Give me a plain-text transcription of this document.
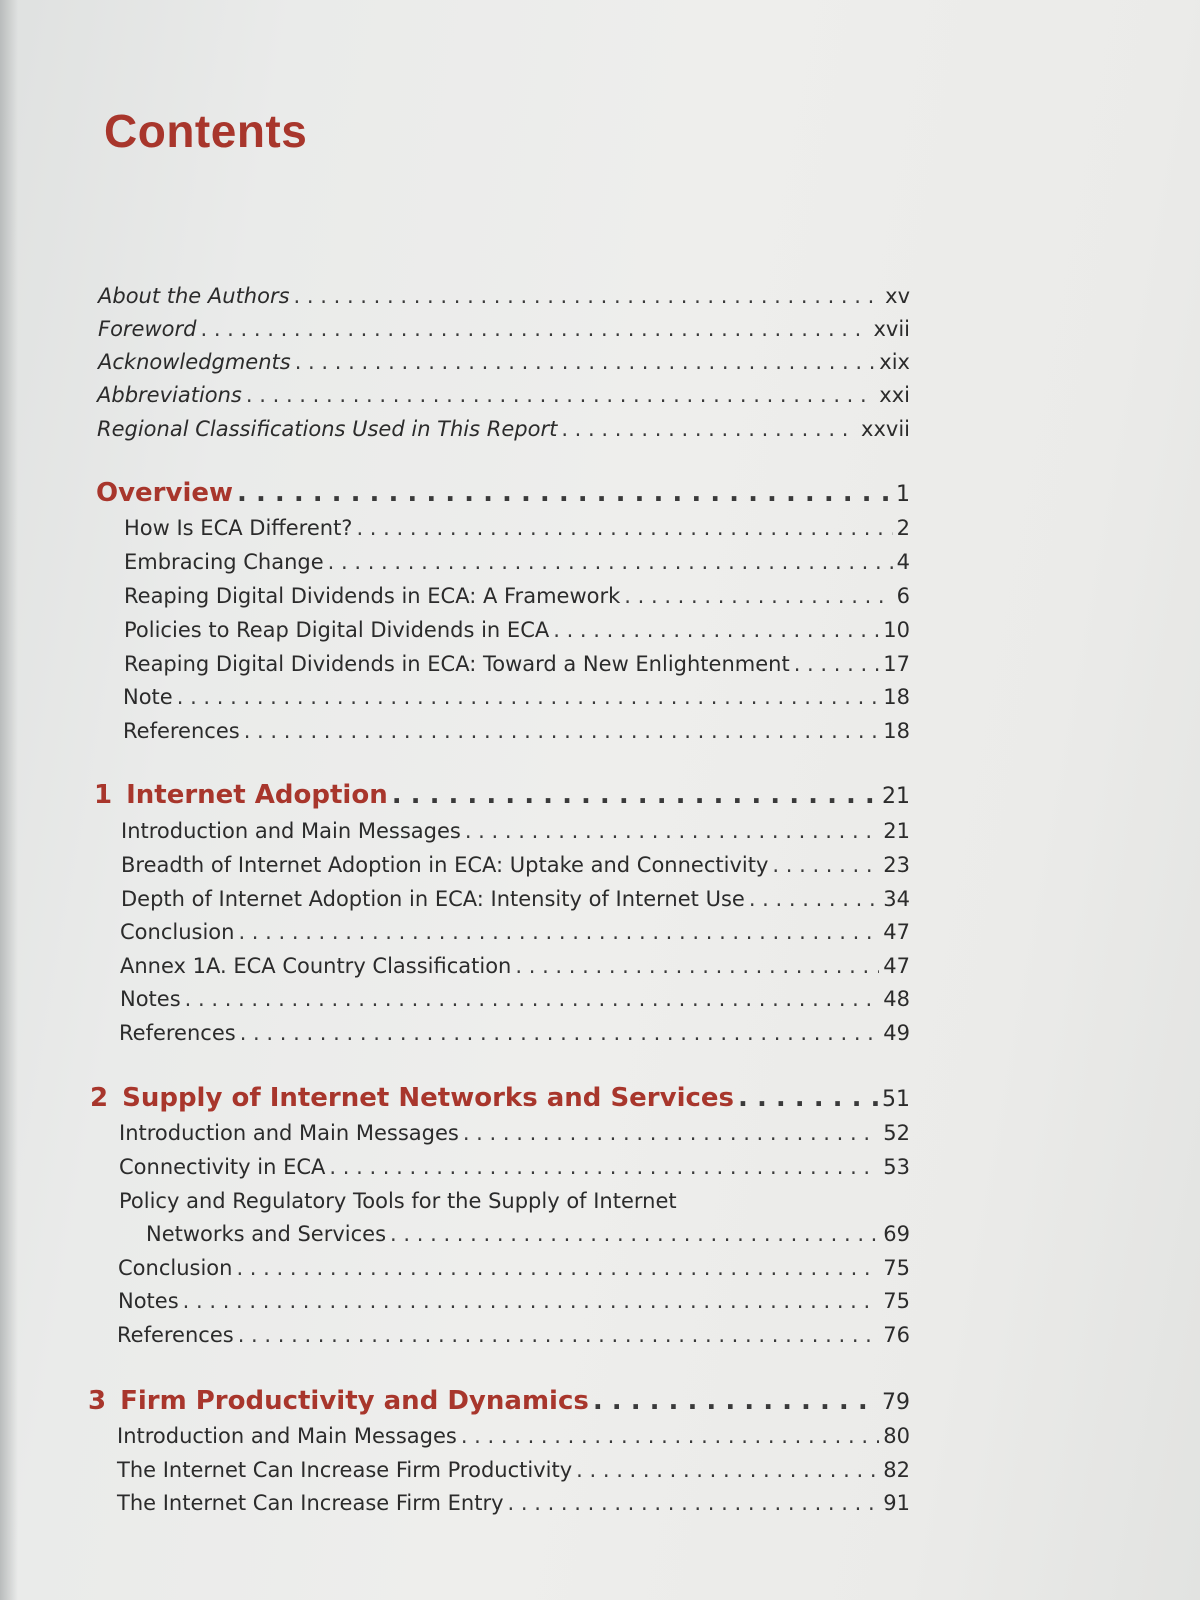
Contents
About the Authors . . .	xv
Foreword . . .	xvii
Acknowledgments . . .	xix
Abbreviations . . .	xxi
Regional Classifications Used in This Report . . .	xxvii
Overview . . .	1
How Is ECA Different? . . .	2
Embracing Change . . .	4
Reaping Digital Dividends in ECA: A Framework . . .	6
Policies to Reap Digital Dividends in ECA . . .	10
Reaping Digital Dividends in ECA: Toward a New Enlightenment . . .	17
Note . . .	18
References . . .	18
1 Internet Adoption . . .	21
Introduction and Main Messages . . .	21
Breadth of Internet Adoption in ECA: Uptake and Connectivity . . .	23
Depth of Internet Adoption in ECA: Intensity of Internet Use . . .	34
Conclusion . . .	47
Annex 1A. ECA Country Classification . . .	47
Notes . . .	48
References . . .	49
2 Supply of Internet Networks and Services . . .	51
Introduction and Main Messages . . .	52
Connectivity in ECA . . .	53
Policy and Regulatory Tools for the Supply of Internet
Networks and Services . . .	69
Conclusion . . .	75
Notes . . .	75
References . . .	76
3 Firm Productivity and Dynamics . . .	79
Introduction and Main Messages . . .	80
The Internet Can Increase Firm Productivity . . .	82
The Internet Can Increase Firm Entry . . .	91
